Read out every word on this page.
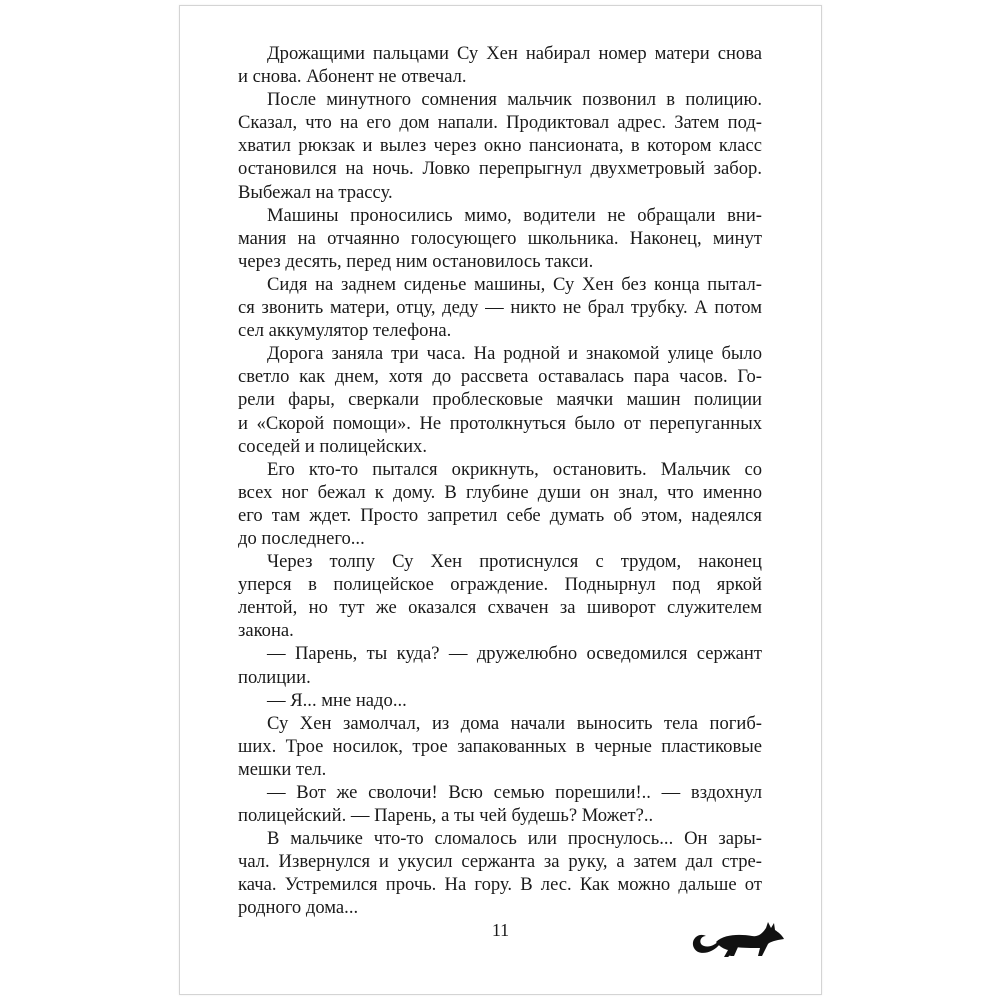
Дрожащими пальцами Су Хен набирал номер матери снова
и снова. Абонент не отвечал.
После минутного сомнения мальчик позвонил в полицию.
Сказал, что на его дом напали. Продиктовал адрес. Затем под-
хватил рюкзак и вылез через окно пансионата, в котором класс
остановился на ночь. Ловко перепрыгнул двухметровый забор.
Выбежал на трассу.
Машины проносились мимо, водители не обращали вни-
мания на отчаянно голосующего школьника. Наконец, минут
через десять, перед ним остановилось такси.
Сидя на заднем сиденье машины, Су Хен без конца пытал-
ся звонить матери, отцу, деду — никто не брал трубку. А потом
сел аккумулятор телефона.
Дорога заняла три часа. На родной и знакомой улице было
светло как днем, хотя до рассвета оставалась пара часов. Го-
рели фары, сверкали проблесковые маячки машин полиции
и «Скорой помощи». Не протолкнуться было от перепуганных
соседей и полицейских.
Его кто-то пытался окрикнуть, остановить. Мальчик со
всех ног бежал к дому. В глубине души он знал, что именно
его там ждет. Просто запретил себе думать об этом, надеялся
до последнего...
Через толпу Су Хен протиснулся с трудом, наконец
уперся в полицейское ограждение. Поднырнул под яркой
лентой, но тут же оказался схвачен за шиворот служителем
закона.
— Парень, ты куда? — дружелюбно осведомился сержант
полиции.
— Я... мне надо...
Су Хен замолчал, из дома начали выносить тела погиб-
ших. Трое носилок, трое запакованных в черные пластиковые
мешки тел.
— Вот же сволочи! Всю семью порешили!.. — вздохнул
полицейский. — Парень, а ты чей будешь? Может?..
В мальчике что-то сломалось или проснулось... Он зары-
чал. Извернулся и укусил сержанта за руку, а затем дал стре-
кача. Устремился прочь. На гору. В лес. Как можно дальше от
родного дома...
11
